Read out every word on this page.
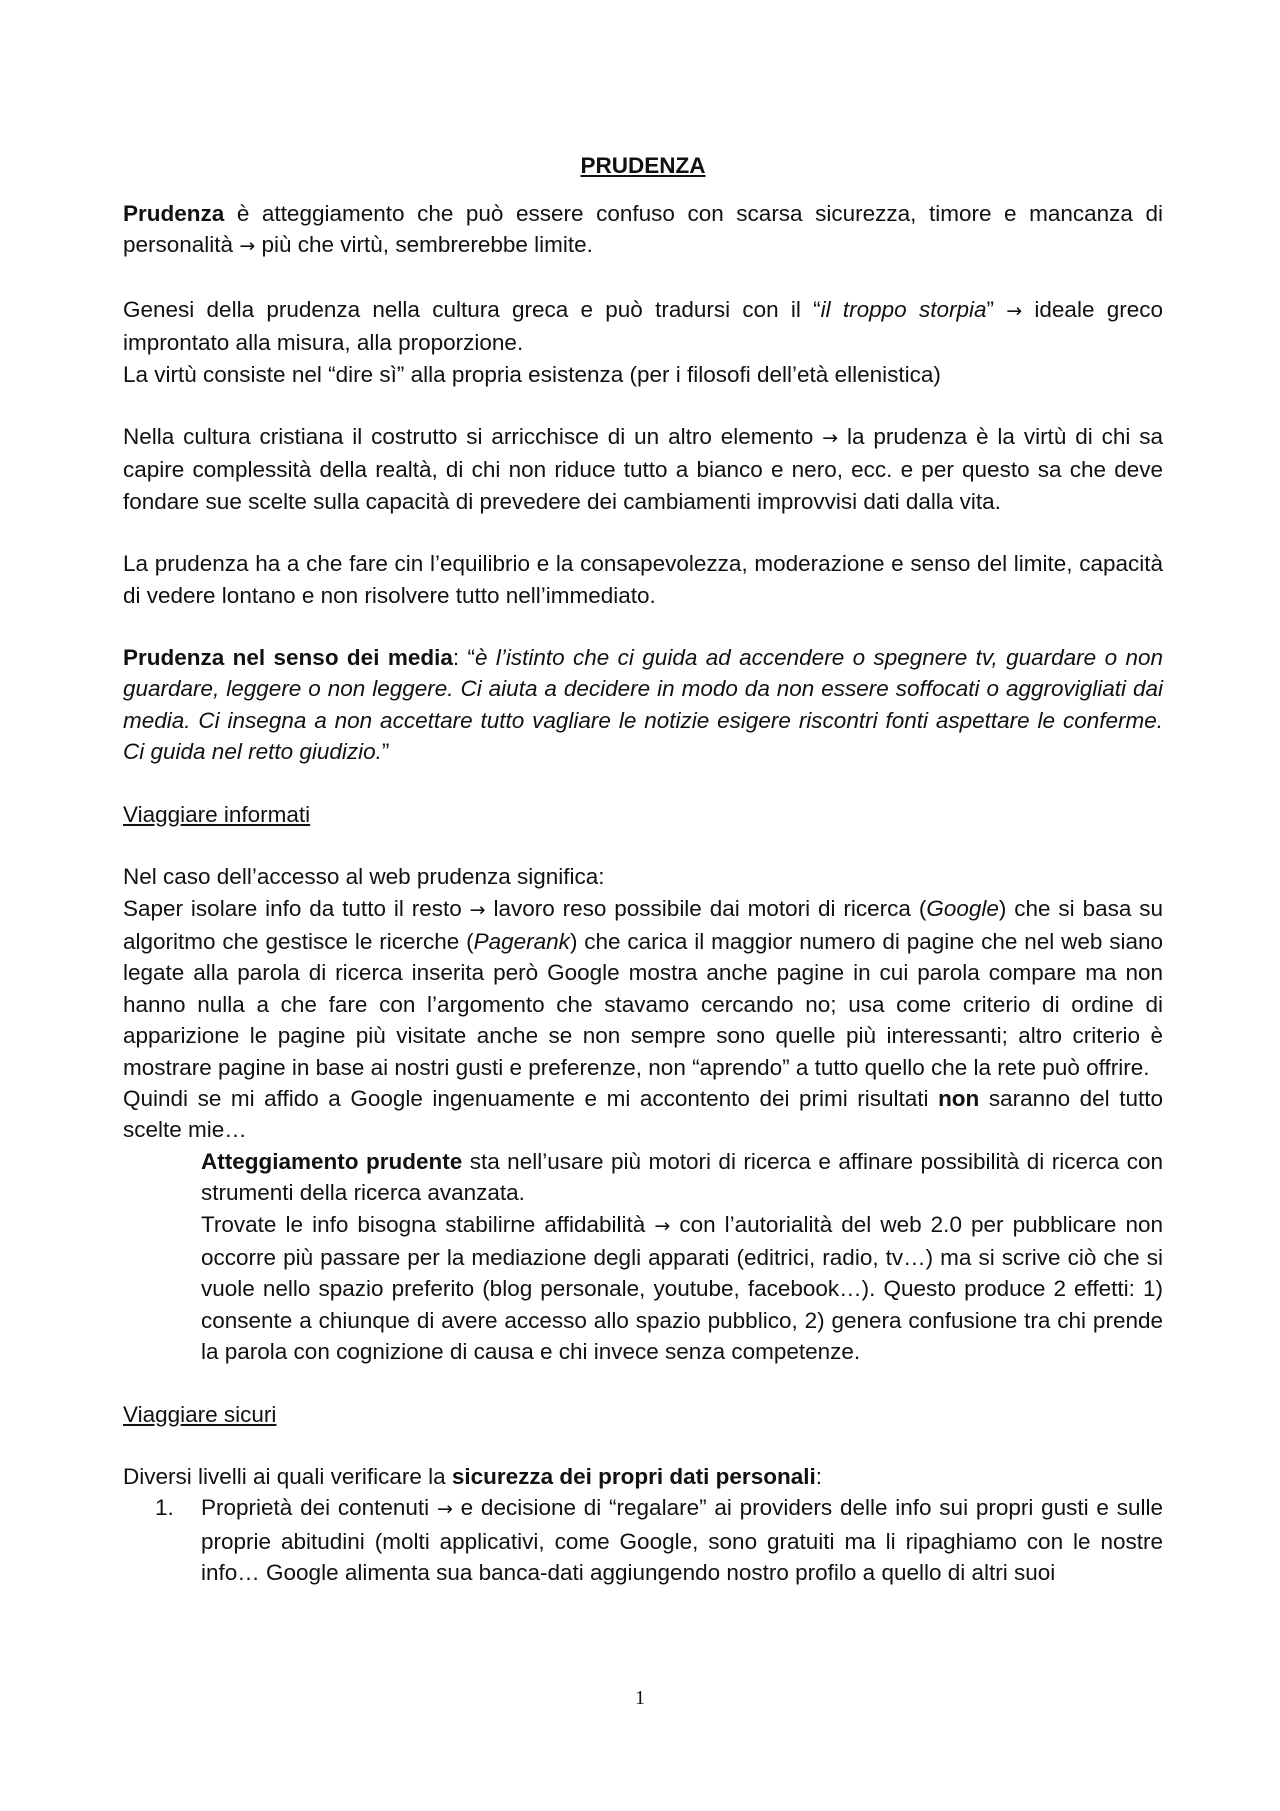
PRUDENZA

Prudenza è atteggiamento che può essere confuso con scarsa sicurezza, timore e mancanza di personalità → più che virtù, sembrerebbe limite.

Genesi della prudenza nella cultura greca e può tradursi con il “il troppo storpia” → ideale greco improntato alla misura, alla proporzione.

La virtù consiste nel “dire sì” alla propria esistenza (per i filosofi dell’età ellenistica)

Nella cultura cristiana il costrutto si arricchisce di un altro elemento → la prudenza è la virtù di chi sa capire complessità della realtà, di chi non riduce tutto a bianco e nero, ecc. e per questo sa che deve fondare sue scelte sulla capacità di prevedere dei cambiamenti improvvisi dati dalla vita.

La prudenza ha a che fare cin l’equilibrio e la consapevolezza, moderazione e senso del limite, capacità di vedere lontano e non risolvere tutto nell’immediato.

Prudenza nel senso dei media: “è l’istinto che ci guida ad accendere o spegnere tv, guardare o non guardare, leggere o non leggere. Ci aiuta a decidere in modo da non essere soffocati o aggrovigliati dai media. Ci insegna a non accettare tutto vagliare le notizie esigere riscontri fonti aspettare le conferme. Ci guida nel retto giudizio.”

Viaggiare informati

Nel caso dell’accesso al web prudenza significa:

Saper isolare info da tutto il resto → lavoro reso possibile dai motori di ricerca (Google) che si basa su algoritmo che gestisce le ricerche (Pagerank) che carica il maggior numero di pagine che nel web siano legate alla parola di ricerca inserita però Google mostra anche pagine in cui parola compare ma non hanno nulla a che fare con l’argomento che stavamo cercando no; usa come criterio di ordine di apparizione le pagine più visitate anche se non sempre sono quelle più interessanti; altro criterio è mostrare pagine in base ai nostri gusti e preferenze, non “aprendo” a tutto quello che la rete può offrire.

Quindi se mi affido a Google ingenuamente e mi accontento dei primi risultati non saranno del tutto scelte mie…

Atteggiamento prudente sta nell’usare più motori di ricerca e affinare possibilità di ricerca con strumenti della ricerca avanzata.

Trovate le info bisogna stabilirne affidabilità → con l’autorialità del web 2.0 per pubblicare non occorre più passare per la mediazione degli apparati (editrici, radio, tv…) ma si scrive ciò che si vuole nello spazio preferito (blog personale, youtube, facebook…). Questo produce 2 effetti: 1) consente a chiunque di avere accesso allo spazio pubblico, 2) genera confusione tra chi prende la parola con cognizione di causa e chi invece senza competenze.

Viaggiare sicuri

Diversi livelli ai quali verificare la sicurezza dei propri dati personali:

1. Proprietà dei contenuti → e decisione di “regalare” ai providers delle info sui propri gusti e sulle proprie abitudini (molti applicativi, come Google, sono gratuiti ma li ripaghiamo con le nostre info… Google alimenta sua banca-dati aggiungendo nostro profilo a quello di altri suoi
1
